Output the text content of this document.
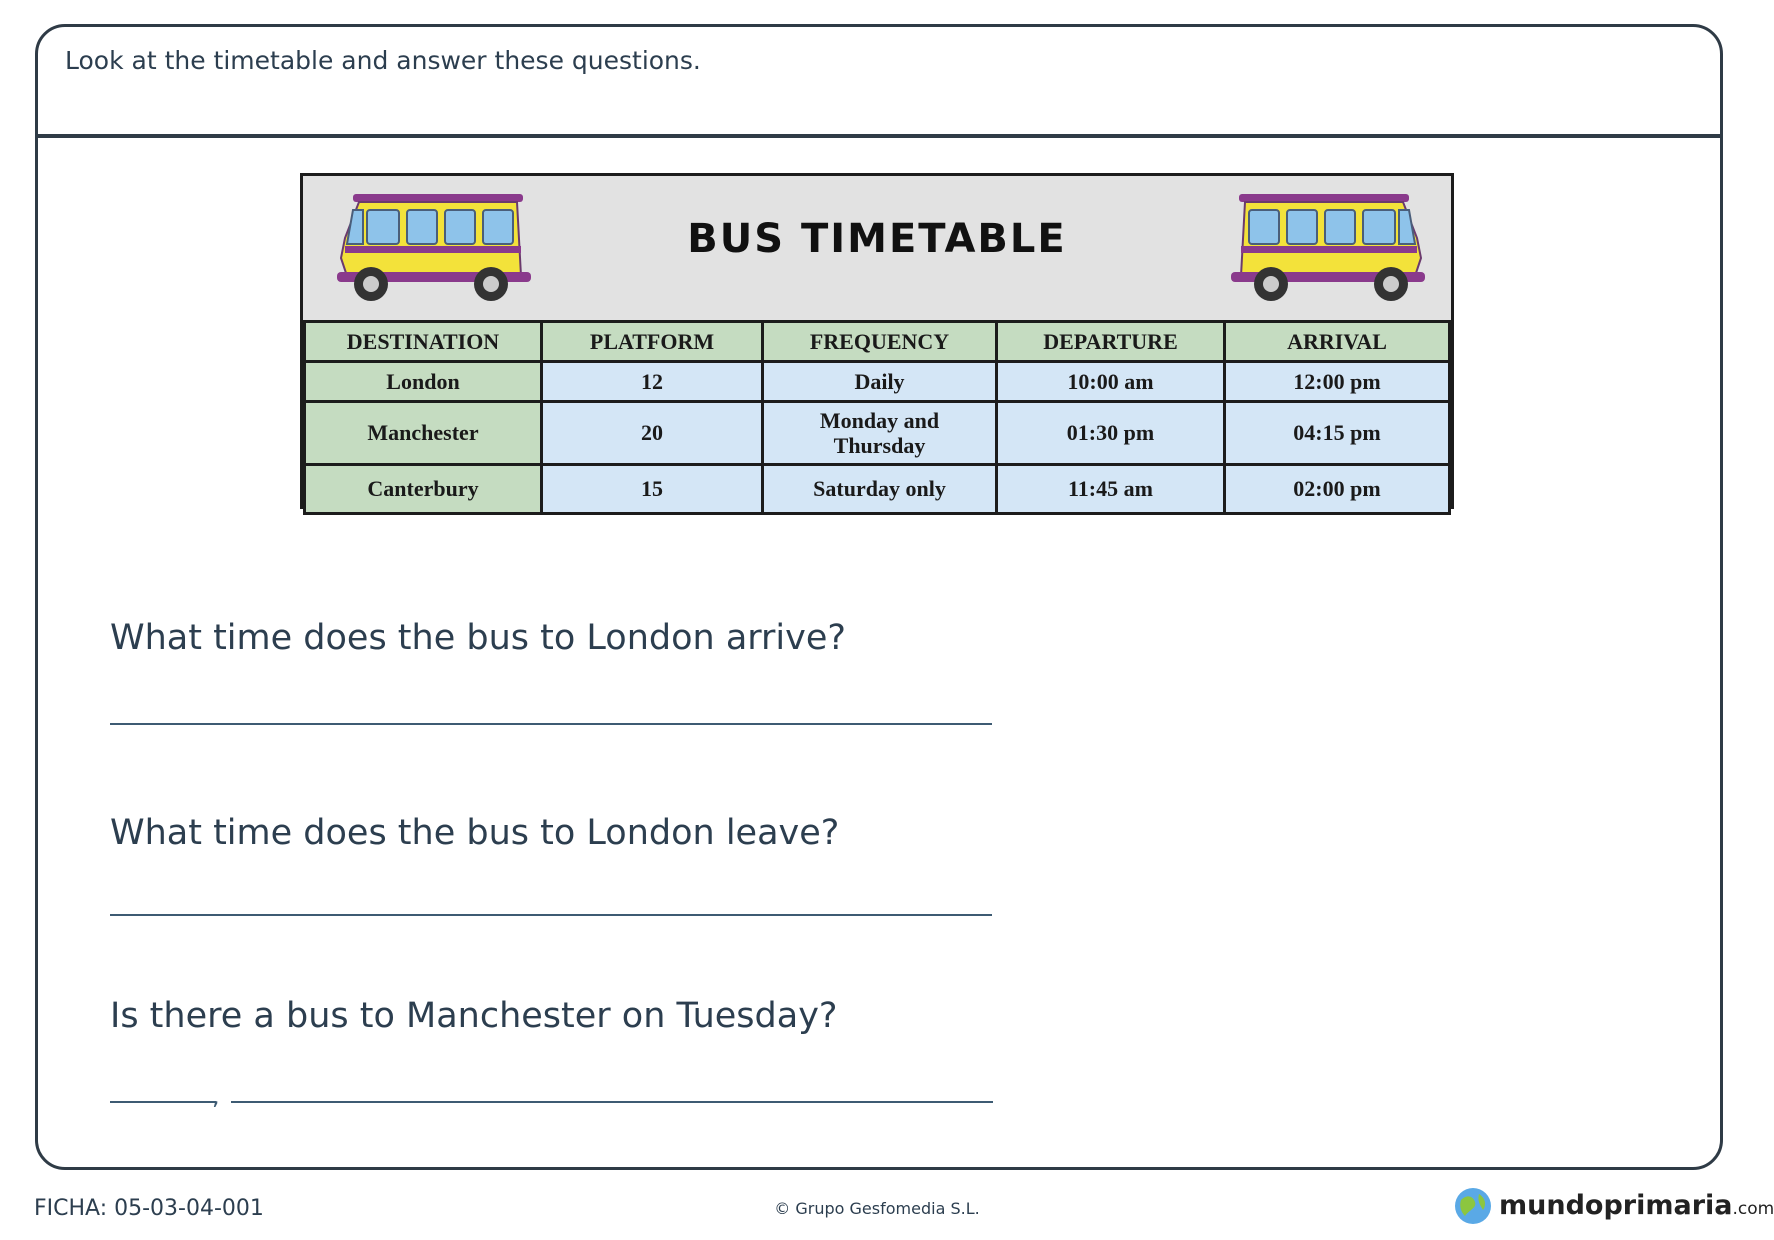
Look at the timetable and answer these questions.
BUS TIMETABLE
DESTINATION	PLATFORM	FREQUENCY	DEPARTURE	ARRIVAL
London	12	Daily	10:00 am	12:00 pm
Manchester	20	Monday and Thursday	01:30 pm	04:15 pm
Canterbury	15	Saturday only	11:45 am	02:00 pm
What time does the bus to London arrive?
What time does the bus to London leave?
Is there a bus to Manchester on Tuesday?
,
FICHA: 05-03-04-001	© Grupo Gesfomedia S.L.	mundoprimaria.com
